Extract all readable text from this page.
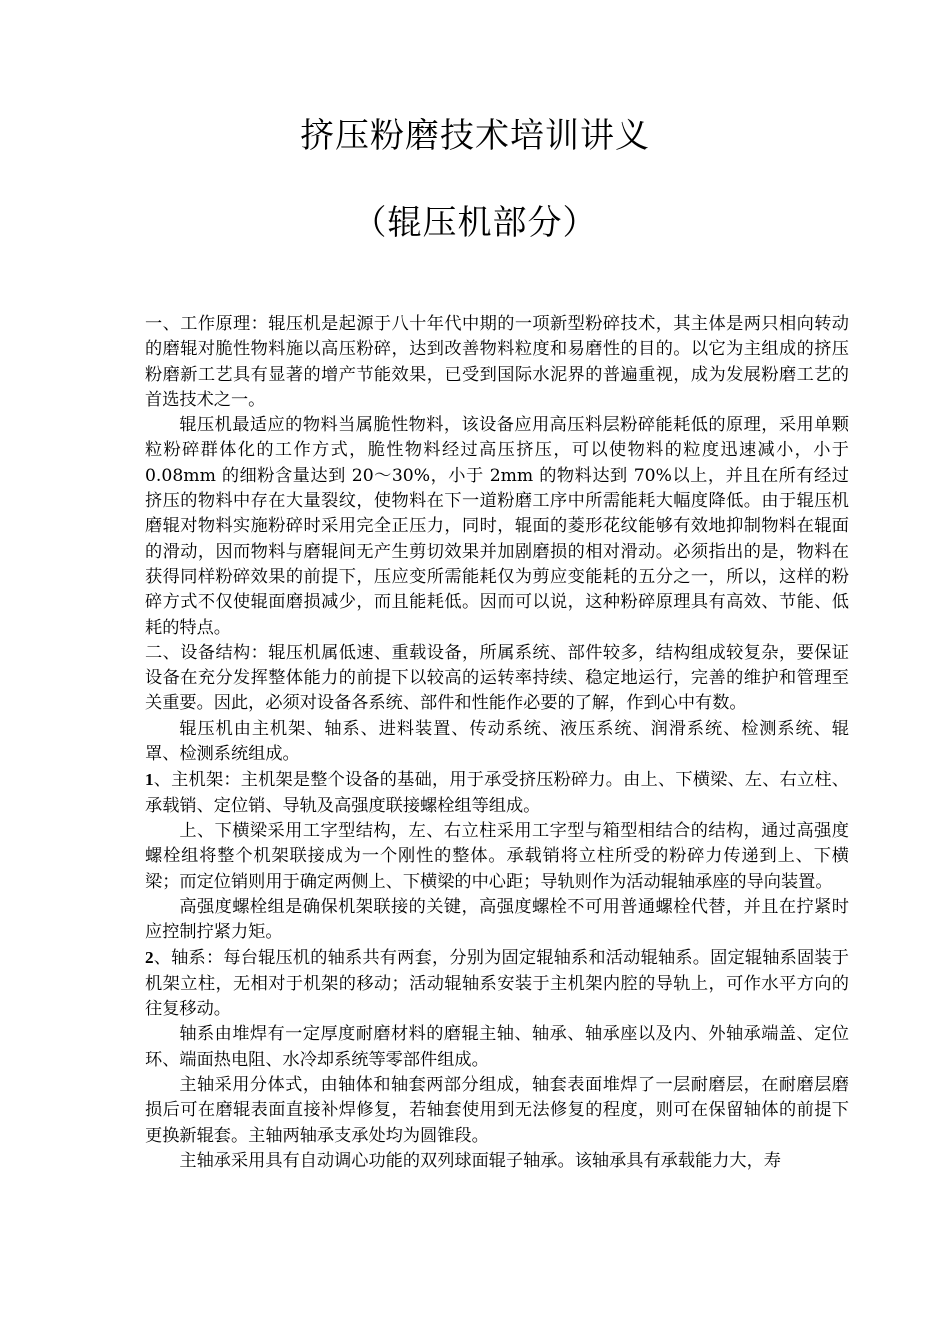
挤压粉磨技术培训讲义
（辊压机部分）

一、工作原理：辊压机是起源于八十年代中期的一项新型粉碎技术，其主体是两只相向转动的磨辊对脆性物料施以高压粉碎，达到改善物料粒度和易磨性的目的。以它为主组成的挤压粉磨新工艺具有显著的增产节能效果，已受到国际水泥界的普遍重视，成为发展粉磨工艺的首选技术之一。

辊压机最适应的物料当属脆性物料，该设备应用高压料层粉碎能耗低的原理，采用单颗粒粉碎群体化的工作方式，脆性物料经过高压挤压，可以使物料的粒度迅速减小，小于 0.08mm 的细粉含量达到 20～30%，小于 2mm 的物料达到 70%以上，并且在所有经过挤压的物料中存在大量裂纹，使物料在下一道粉磨工序中所需能耗大幅度降低。由于辊压机磨辊对物料实施粉碎时采用完全正压力，同时，辊面的菱形花纹能够有效地抑制物料在辊面的滑动，因而物料与磨辊间无产生剪切效果并加剧磨损的相对滑动。必须指出的是，物料在获得同样粉碎效果的前提下，压应变所需能耗仅为剪应变能耗的五分之一，所以，这样的粉碎方式不仅使辊面磨损减少，而且能耗低。因而可以说，这种粉碎原理具有高效、节能、低耗的特点。

二、设备结构：辊压机属低速、重载设备，所属系统、部件较多，结构组成较复杂，要保证设备在充分发挥整体能力的前提下以较高的运转率持续、稳定地运行，完善的维护和管理至关重要。因此，必须对设备各系统、部件和性能作必要的了解，作到心中有数。

辊压机由主机架、轴系、进料装置、传动系统、液压系统、润滑系统、检测系统、辊罩、检测系统组成。

1、主机架：主机架是整个设备的基础，用于承受挤压粉碎力。由上、下横梁、左、右立柱、承载销、定位销、导轨及高强度联接螺栓组等组成。

上、下横梁采用工字型结构，左、右立柱采用工字型与箱型相结合的结构，通过高强度螺栓组将整个机架联接成为一个刚性的整体。承载销将立柱所受的粉碎力传递到上、下横梁；而定位销则用于确定两侧上、下横梁的中心距；导轨则作为活动辊轴承座的导向装置。

高强度螺栓组是确保机架联接的关键，高强度螺栓不可用普通螺栓代替，并且在拧紧时应控制拧紧力矩。

2、轴系：每台辊压机的轴系共有两套，分别为固定辊轴系和活动辊轴系。固定辊轴系固装于机架立柱，无相对于机架的移动；活动辊轴系安装于主机架内腔的导轨上，可作水平方向的往复移动。

轴系由堆焊有一定厚度耐磨材料的磨辊主轴、轴承、轴承座以及内、外轴承端盖、定位环、端面热电阻、水冷却系统等零部件组成。

主轴采用分体式，由轴体和轴套两部分组成，轴套表面堆焊了一层耐磨层，在耐磨层磨损后可在磨辊表面直接补焊修复，若轴套使用到无法修复的程度，则可在保留轴体的前提下更换新辊套。主轴两轴承支承处均为圆锥段。

主轴承采用具有自动调心功能的双列球面辊子轴承。该轴承具有承载能力大，寿
